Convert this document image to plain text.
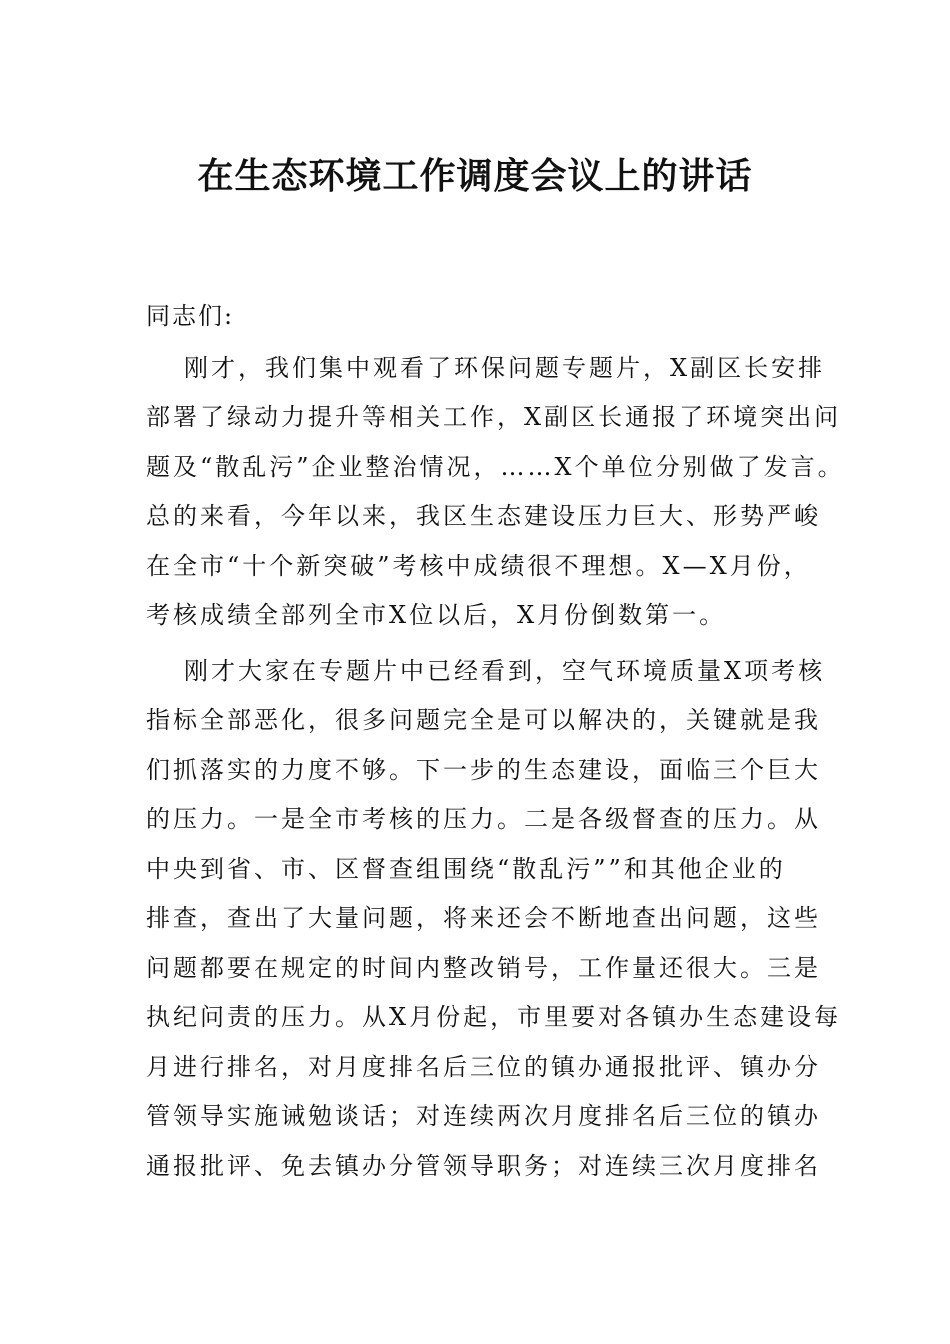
在生态环境工作调度会议上的讲话

同志们:

刚才，我们集中观看了环保问题专题片，X副区长安排
部署了绿动力提升等相关工作，X副区长通报了环境突出问
题及“散乱污”企业整治情况，……X个单位分别做了发言。
总的来看，今年以来，我区生态建设压力巨大、形势严峻
在全市“十个新突破”考核中成绩很不理想。X—X月份，
考核成绩全部列全市X位以后，X月份倒数第一。

刚才大家在专题片中已经看到，空气环境质量X项考核
指标全部恶化，很多问题完全是可以解决的，关键就是我
们抓落实的力度不够。下一步的生态建设，面临三个巨大
的压力。一是全市考核的压力。二是各级督查的压力。从
中央到省、市、区督查组围绕“散乱污””和其他企业的
排查，查出了大量问题，将来还会不断地查出问题，这些
问题都要在规定的时间内整改销号，工作量还很大。三是
执纪问责的压力。从X月份起，市里要对各镇办生态建设每
月进行排名，对月度排名后三位的镇办通报批评、镇办分
管领导实施诫勉谈话；对连续两次月度排名后三位的镇办
通报批评、免去镇办分管领导职务；对连续三次月度排名
